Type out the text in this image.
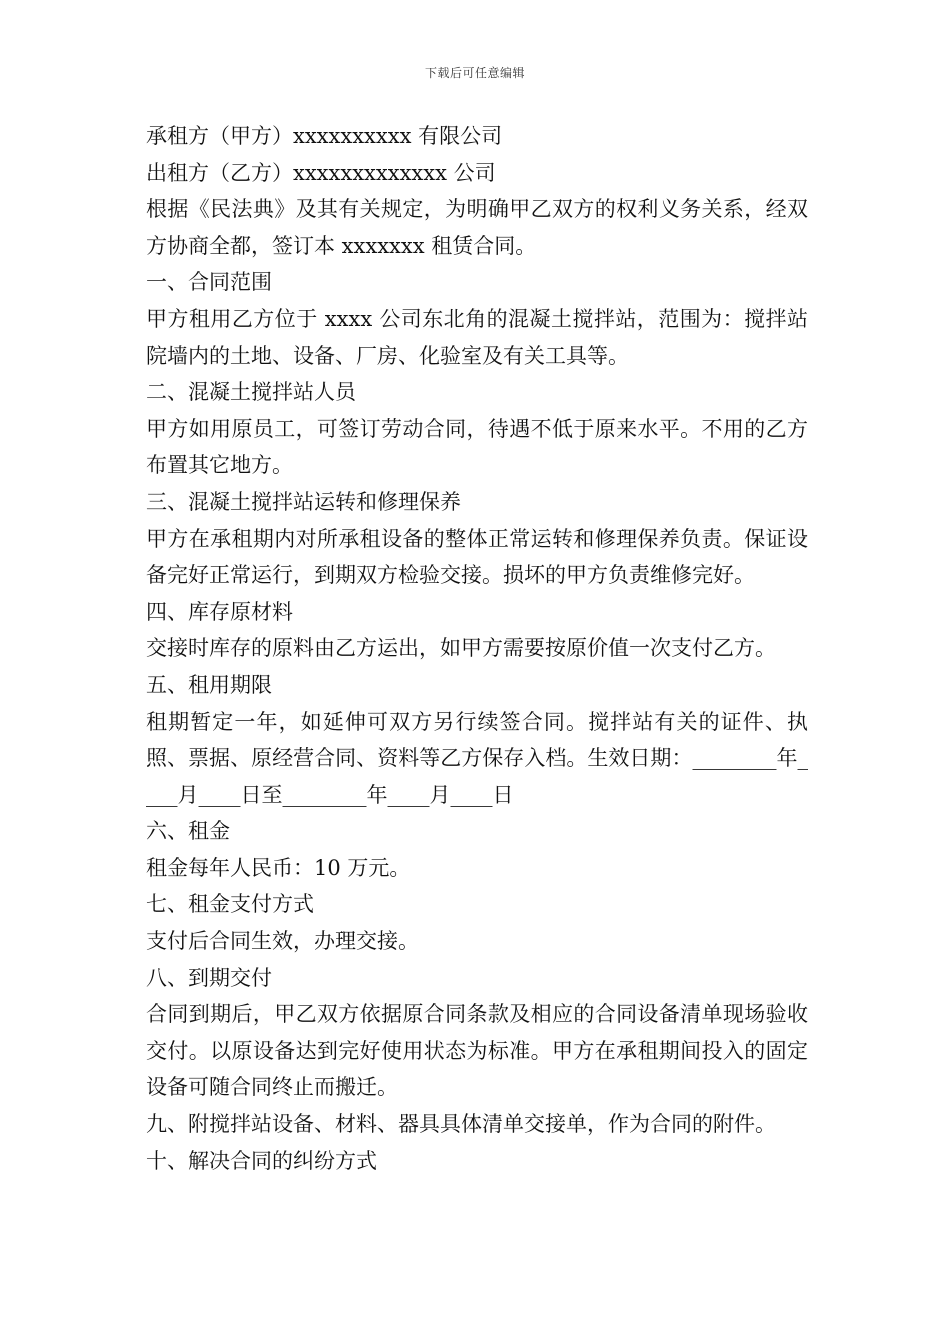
下载后可任意编辑

承租方（甲方）xxxxxxxxxx 有限公司

出租方（乙方）xxxxxxxxxxxxx 公司

根据《民法典》及其有关规定，为明确甲乙双方的权利义务关系，经双方协商全都，签订本 xxxxxxx 租赁合同。

一、合同范围

甲方租用乙方位于 xxxx 公司东北角的混凝土搅拌站，范围为：搅拌站院墙内的土地、设备、厂房、化验室及有关工具等。

二、混凝土搅拌站人员

甲方如用原员工，可签订劳动合同，待遇不低于原来水平。不用的乙方布置其它地方。

三、混凝土搅拌站运转和修理保养

甲方在承租期内对所承租设备的整体正常运转和修理保养负责。保证设备完好正常运行，到期双方检验交接。损坏的甲方负责维修完好。

四、库存原材料

交接时库存的原料由乙方运出，如甲方需要按原价值一次支付乙方。

五、租用期限

租期暂定一年，如延伸可双方另行续签合同。搅拌站有关的证件、执照、票据、原经营合同、资料等乙方保存入档。生效日期：________年____月____日至________年____月____日

六、租金

租金每年人民币：10 万元。

七、租金支付方式

支付后合同生效，办理交接。

八、到期交付

合同到期后，甲乙双方依据原合同条款及相应的合同设备清单现场验收交付。以原设备达到完好使用状态为标准。甲方在承租期间投入的固定设备可随合同终止而搬迁。

九、附搅拌站设备、材料、器具具体清单交接单，作为合同的附件。

十、解决合同的纠纷方式
